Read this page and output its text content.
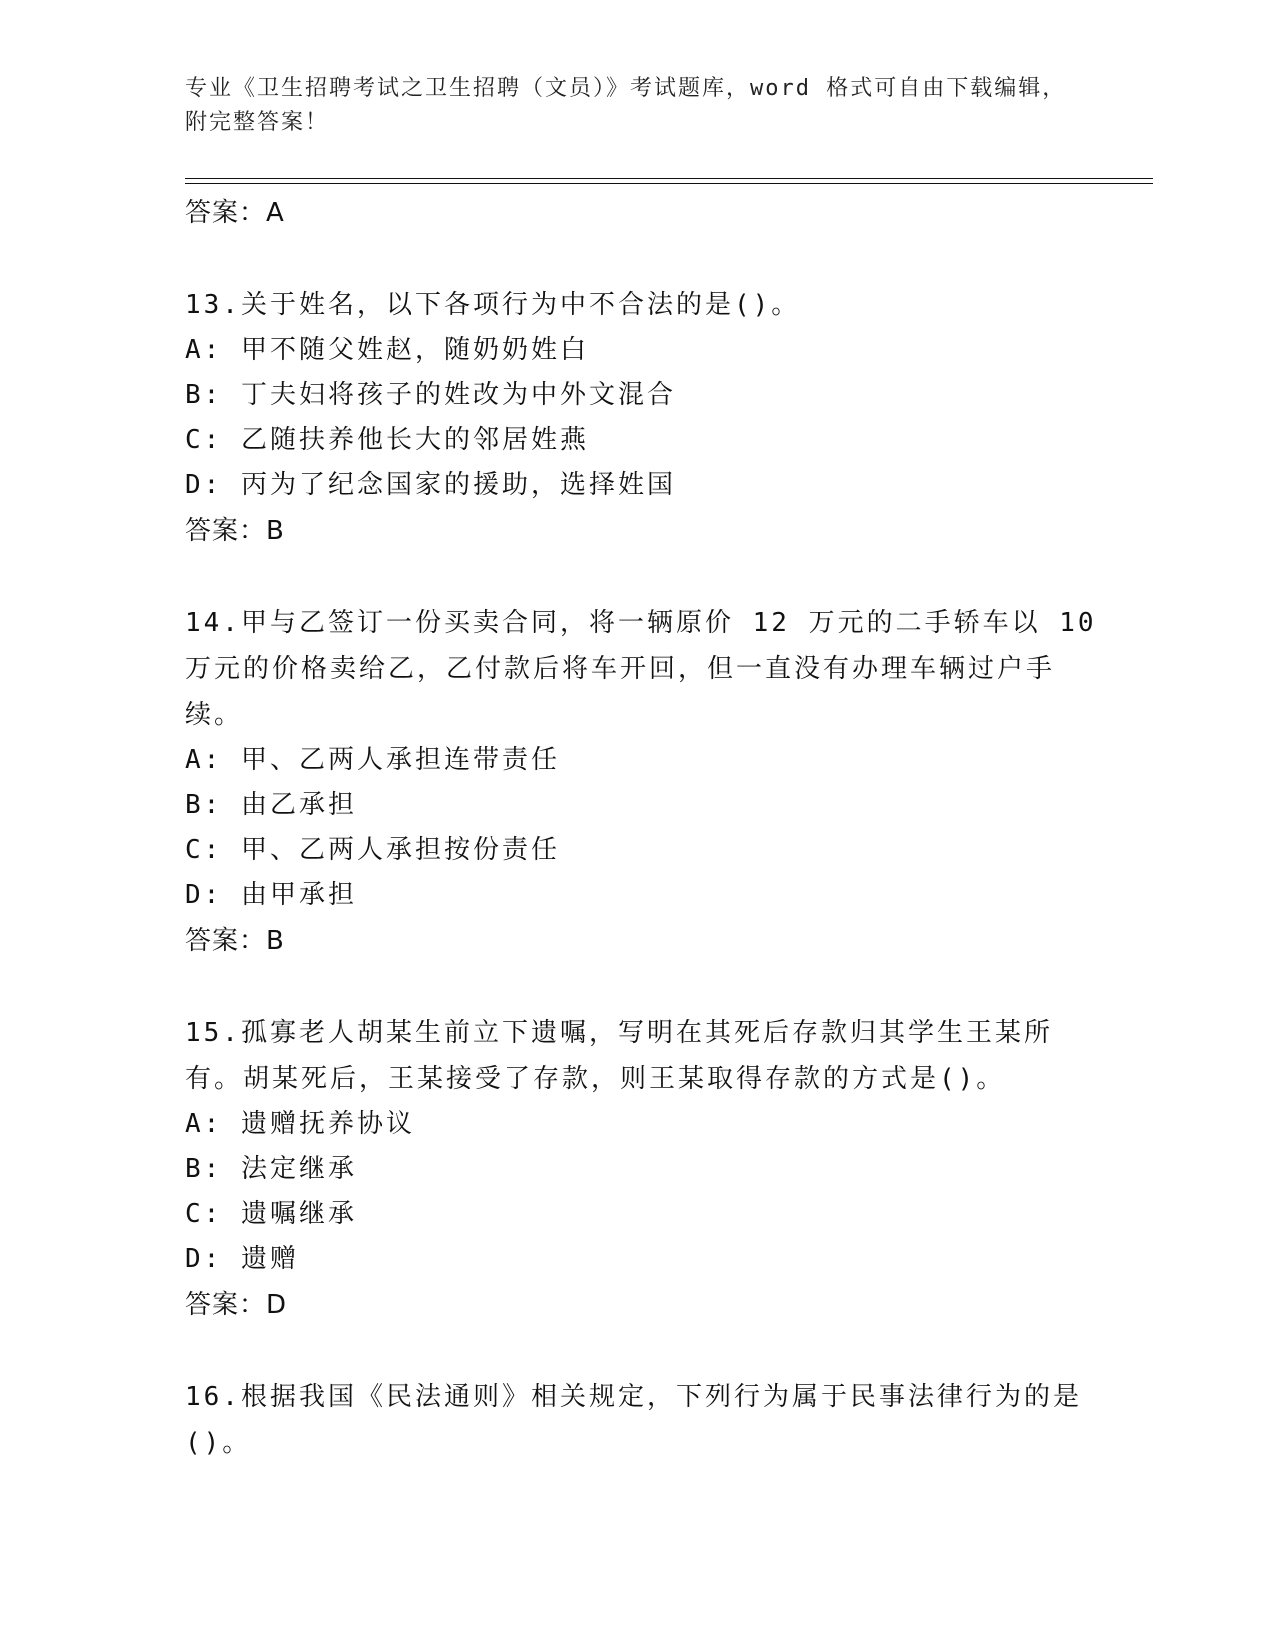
专业《卫生招聘考试之卫生招聘（文员）》考试题库，word 格式可自由下载编辑，附完整答案！
答案：A
13.关于姓名，以下各项行为中不合法的是()。
A: 甲不随父姓赵，随奶奶姓白
B: 丁夫妇将孩子的姓改为中外文混合
C: 乙随扶养他长大的邻居姓燕
D: 丙为了纪念国家的援助，选择姓国
答案：B
14.甲与乙签订一份买卖合同，将一辆原价 12 万元的二手轿车以 10 万元的价格卖给乙，乙付款后将车开回，但一直没有办理车辆过户手续。
A: 甲、乙两人承担连带责任
B: 由乙承担
C: 甲、乙两人承担按份责任
D: 由甲承担
答案：B
15.孤寡老人胡某生前立下遗嘱，写明在其死后存款归其学生王某所有。胡某死后，王某接受了存款，则王某取得存款的方式是()。
A: 遗赠抚养协议
B: 法定继承
C: 遗嘱继承
D: 遗赠
答案：D
16.根据我国《民法通则》相关规定，下列行为属于民事法律行为的是()。
